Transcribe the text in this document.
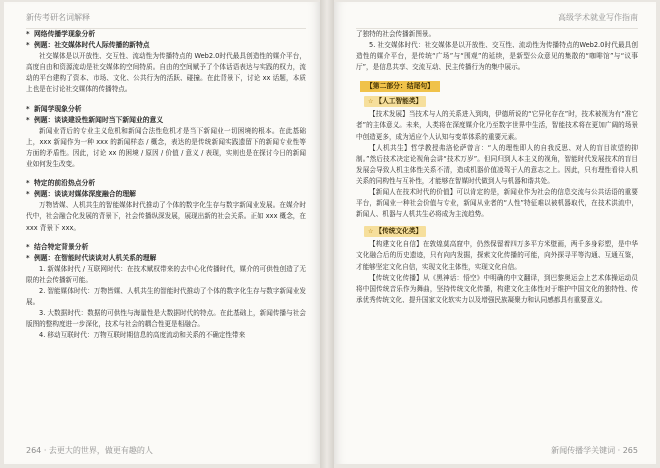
新传考研名词解释

* 网络传播学现象分析

* 例题：社交媒体时代人际传播的新特点

社交媒体是以开放性、交互性、流动性为传播特点的 Web2.0时代最具创造性的媒介平台，高度自由和资源流动是社交媒体的空间特质。自由的空间赋予了个体话语表达与实践的权力，流动的平台建构了资本、市场、文化、公共行为的活跃、碰撞。在此背景下，讨论 xx 话题，本质上也是在讨论社交媒体的传播特点。

* 新闻学现象分析

* 例题：谈谈建设性新闻时当下新闻业的意义

新闻业背后的专业主义危机和新闻合法性危机才是当下新闻业一切困境的根本。在此基础上，xxx 新闻作为一种 xxx 的新闻样态 / 概念，表达的是传统新闻实践遗留下的新闻专业性等方面的矛盾性。因此，讨论 xx 的困境 / 原因 / 价值 / 意义 / 表现，实则也是在探讨今日的新闻业如何发生改变。

* 特定的前沿热点分析

* 例题：谈谈对媒体深度融合的理解

万物皆媒、人机共生的智能媒体时代推动了个体的数字化生存与数字新闻业发展。在媒介时代中，社会融合化发展的背景下，社会传播纵深发展，展现出新的社会关系。正如 xxx 概念，在 xxx 背景下 xxx。

* 结合特定背景分析

* 例题：在智能时代谈谈对人机关系的理解

1. 新媒体时代 / 互联网时代：在技术赋权带来的去中心化传播时代，媒介的可供性创造了无限的社会传播新可能。

2. 智能媒体时代：万物皆媒、人机共生的智能时代推动了个体的数字化生存与数字新闻业发展。

3. 大数据时代：数据的可供性与海量性是大数据时代的特点。在此基础上，新闻传播与社会版图的整构度进一步深化，技术与社会的耦合性更是相融合。

4. 移动互联时代：万物互联时期信息的高度流动和关系的不确定性带来

264 · 去更大的世界，做更有趣的人
高级学术就业写作指南

了独特的社会传播新图景。

5. 社交媒体时代：社交媒体是以开放性、交互性、流动性为传播特点的Web2.0时代最具创造性的媒介平台，是传统“广场”与“围观”的延续，是新型公众意见的集散的“咖啡馆”与“议事厅”，是信息共享、交流互动、民主传播行为的集中展示。

【第二部分：结尾句】
☆ 【人工智能类】

【技术发展】当技术与人的关系进入到肉，伊德所说的“它异化存在”时，技术被视为有“准它者”的主体意义。未来，人类将在深度媒介化乃至数字世界中生活，智能技术将在更加广阔的场景中创造更多，成为适应个人认知与变革体系的重要元素。

【人机共生】哲学教授弗洛伦萨曾言：“人的理性即人的自我反思、对人的盲目欲望的抑制。”然后技术决定论视角会讲“技术万岁”。但同归到人本主义的视角，智能时代发展技术的盲目发展会导致人机主体性关系不清，造成机器价值凌驾于人的意志之上。因此，只有理性看待人机关系的同构性与互补性，才能够在智媒时代做到人与机器和谐共处。

【新闻人在技术时代的价值】可以肯定的是，新闻业作为社会的信息交流与公共话语的重要平台，新闻业一种社会价值与专业，新闻从业者的“人性”特征难以被机器取代，在技术洪流中，新闻人、机器与人机共生必将成为主流趋势。

☆ 【传统文化类】

【构建文化自信】在敦煌莫高窟中，仍然保留着四万多平方米壁画，两千多身彩塑，是中华文化融合后的历史遗迹，只有向内发掘，探索文化传播的可能，向外探寻平等沟通、互通互鉴，才能够坚定文化自信，实现文化主体性，实现文化自信。

【传统文化传播】从《黑神话：悟空》中明确的中文翻译，到巴黎奥运会上艺术体操运动员将中国传统音乐作为舞曲，坚持传统文化传播，构建文化主体性对于维护中国文化的独特性、传承优秀传统文化、提升国家文化软实力以及增强民族凝聚力和认同感都具有重要意义。

新闻传播学关键词 · 265
